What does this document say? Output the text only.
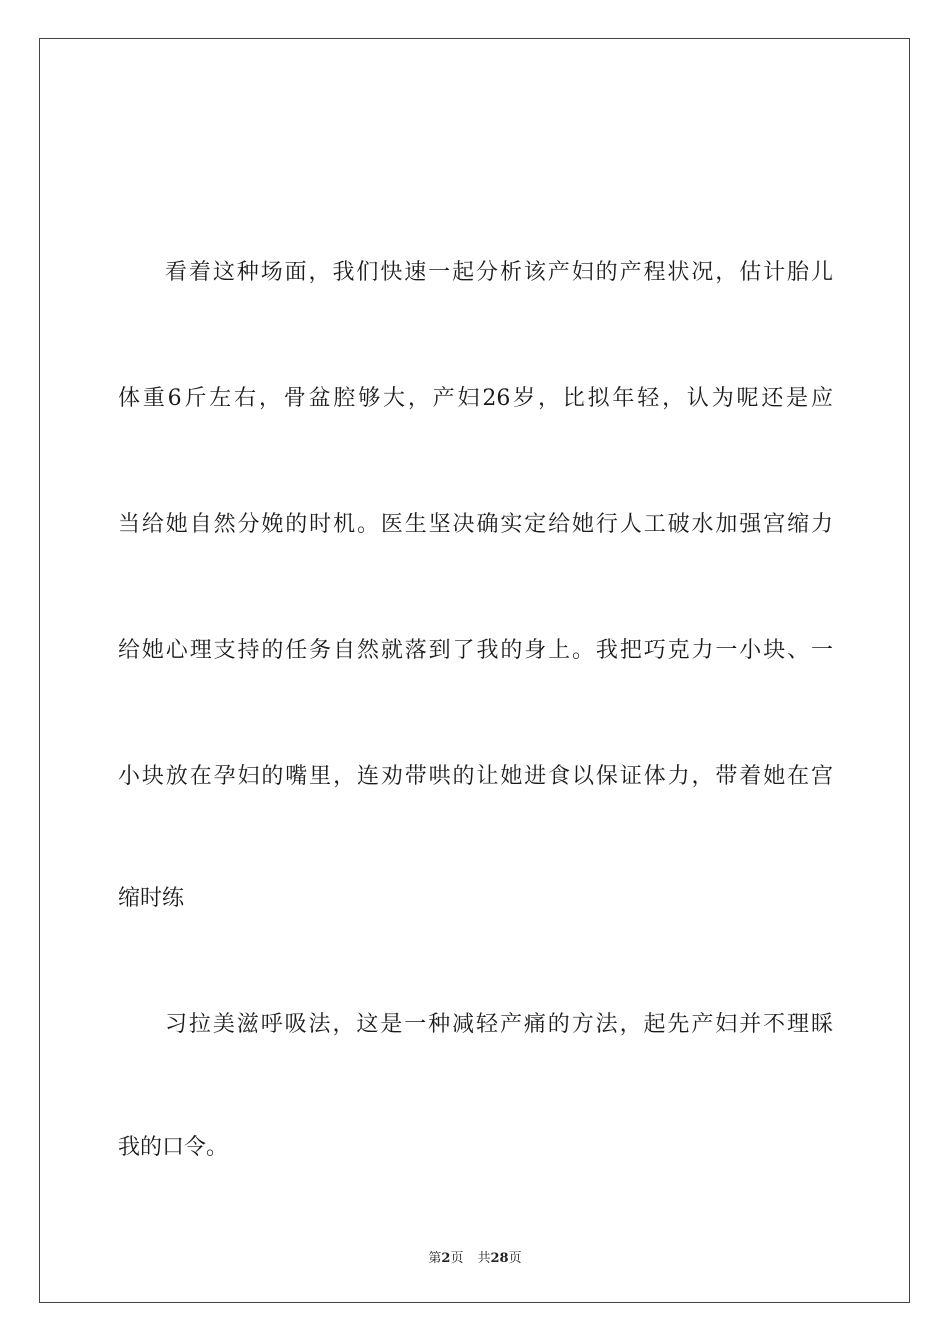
看着这种场面，我们快速一起分析该产妇的产程状况，估计胎儿
体重6斤左右，骨盆腔够大，产妇26岁，比拟年轻，认为呢还是应
当给她自然分娩的时机。医生坚决确实定给她行人工破水加强宫缩力
给她心理支持的任务自然就落到了我的身上。我把巧克力一小块、一
小块放在孕妇的嘴里，连劝带哄的让她进食以保证体力，带着她在宫
缩时练
习拉美滋呼吸法，这是一种减轻产痛的方法，起先产妇并不理睬
我的口令。
第2页 共28页
